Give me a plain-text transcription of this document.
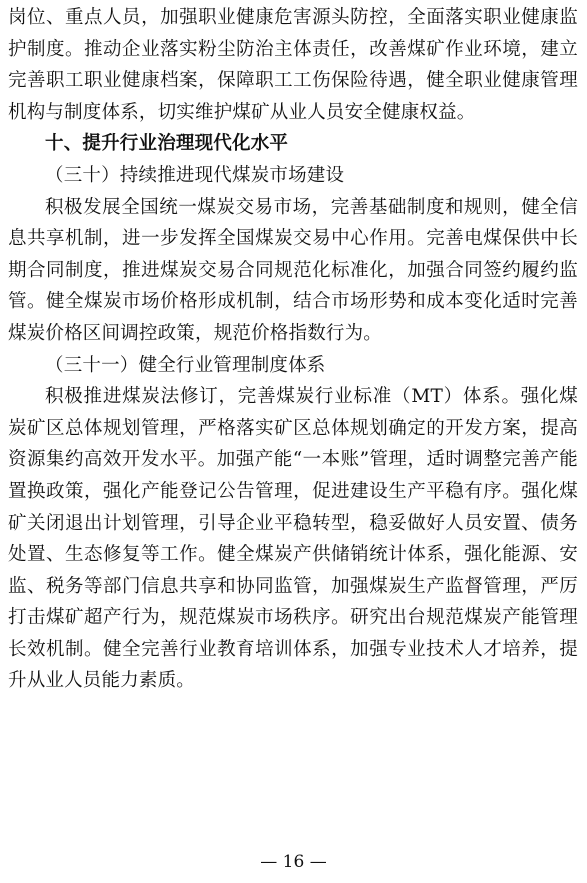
岗位、重点人员，加强职业健康危害源头防控，全面落实职业健康监护制度。推动企业落实粉尘防治主体责任，改善煤矿作业环境，建立完善职工职业健康档案，保障职工工伤保险待遇，健全职业健康管理机构与制度体系，切实维护煤矿从业人员安全健康权益。

十、提升行业治理现代化水平
（三十）持续推进现代煤炭市场建设

积极发展全国统一煤炭交易市场，完善基础制度和规则，健全信息共享机制，进一步发挥全国煤炭交易中心作用。完善电煤保供中长期合同制度，推进煤炭交易合同规范化标准化，加强合同签约履约监管。健全煤炭市场价格形成机制，结合市场形势和成本变化适时完善煤炭价格区间调控政策，规范价格指数行为。

（三十一）健全行业管理制度体系

积极推进煤炭法修订，完善煤炭行业标准（MT）体系。强化煤炭矿区总体规划管理，严格落实矿区总体规划确定的开发方案，提高资源集约高效开发水平。加强产能“一本账”管理，适时调整完善产能置换政策，强化产能登记公告管理，促进建设生产平稳有序。强化煤矿关闭退出计划管理，引导企业平稳转型，稳妥做好人员安置、债务处置、生态修复等工作。健全煤炭产供储销统计体系，强化能源、安监、税务等部门信息共享和协同监管，加强煤炭生产监督管理，严厉打击煤矿超产行为，规范煤炭市场秩序。研究出台规范煤炭产能管理长效机制。健全完善行业教育培训体系，加强专业技术人才培养，提升从业人员能力素质。

— 16 —
